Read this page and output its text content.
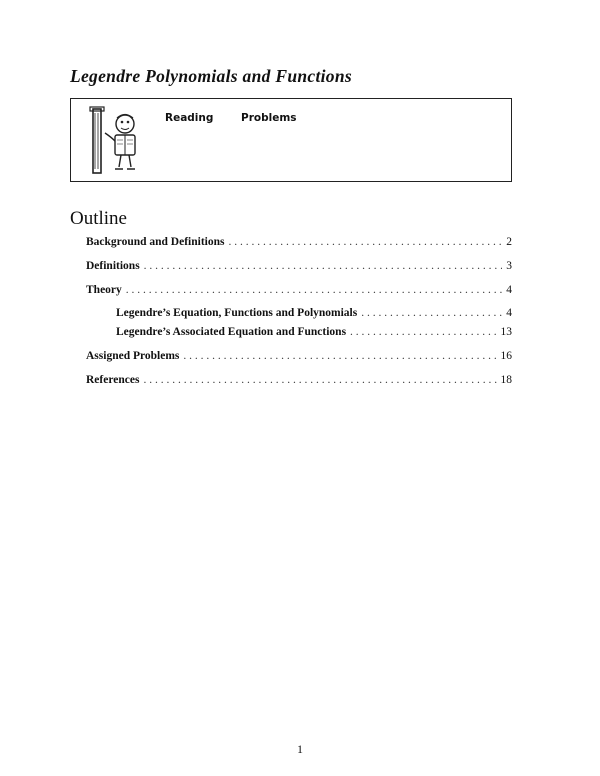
Legendre Polynomials and Functions
Reading	Problems
Outline
Background and Definitions . . .	2
Definitions . . .	3
Theory . . .	4
Legendre’s Equation, Functions and Polynomials . . .	4
Legendre’s Associated Equation and Functions . . .	13
Assigned Problems . . .	16
References . . .	18
1
